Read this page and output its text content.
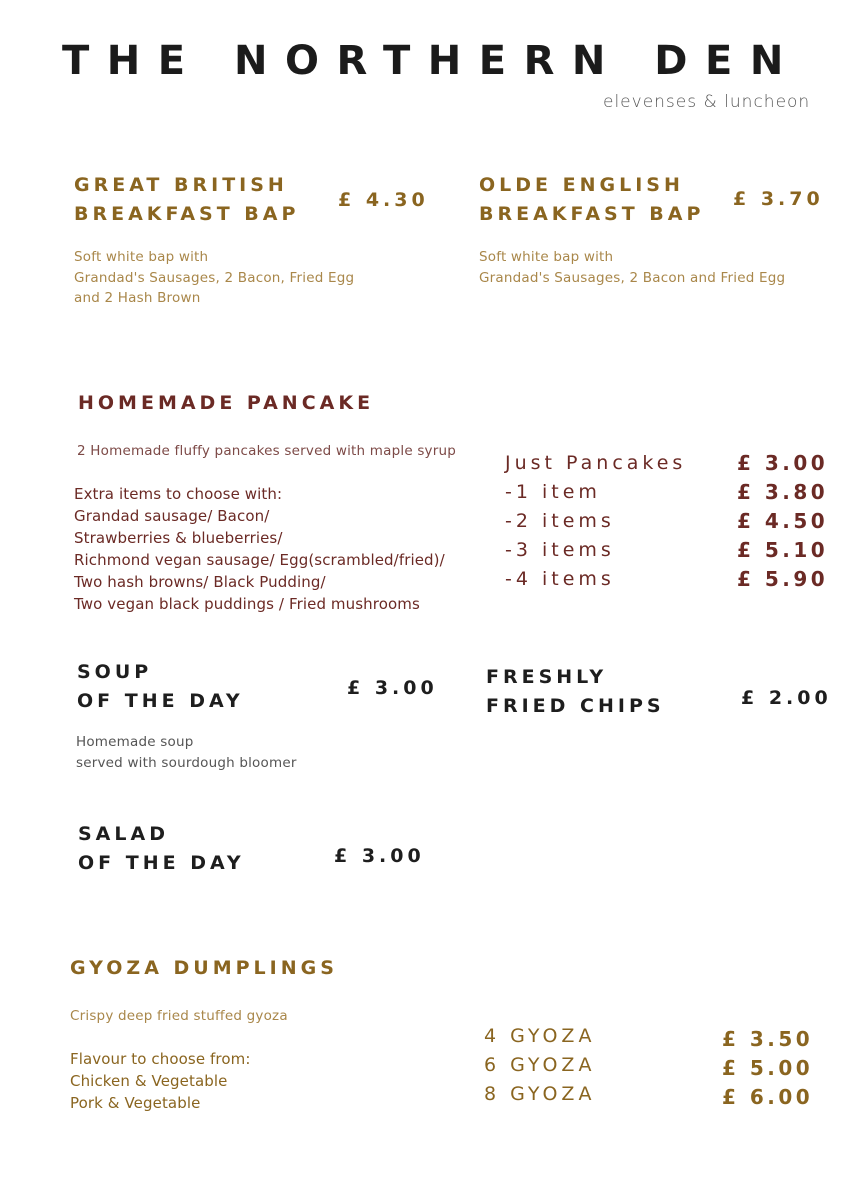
THE NORTHERN DEN
elevenses & luncheon
GREAT BRITISH
BREAKFAST BAP
£ 4.30
Soft white bap with
Grandad's Sausages, 2 Bacon, Fried Egg
and 2 Hash Brown
OLDE ENGLISH
BREAKFAST BAP
£ 3.70
Soft white bap with
Grandad's Sausages, 2 Bacon and Fried Egg
HOMEMADE PANCAKE
2 Homemade fluffy pancakes served with maple syrup
Extra items to choose with:
Grandad sausage/ Bacon/
Strawberries & blueberries/
Richmond vegan sausage/ Egg(scrambled/fried)/
Two hash browns/ Black Pudding/
Two vegan black puddings / Fried mushrooms
Just Pancakes
-1 item
-2 items
-3 items
-4 items
£ 3.00
£ 3.80
£ 4.50
£ 5.10
£ 5.90
SOUP
OF THE DAY
£ 3.00
Homemade soup
served with sourdough bloomer
FRESHLY
FRIED CHIPS	£ 2.00
SALAD
OF THE DAY	£ 3.00
GYOZA DUMPLINGS
Crispy deep fried stuffed gyoza
Flavour to choose from:
Chicken & Vegetable
Pork & Vegetable
4 GYOZA
6 GYOZA
8 GYOZA
£ 3.50
£ 5.00
£ 6.00
